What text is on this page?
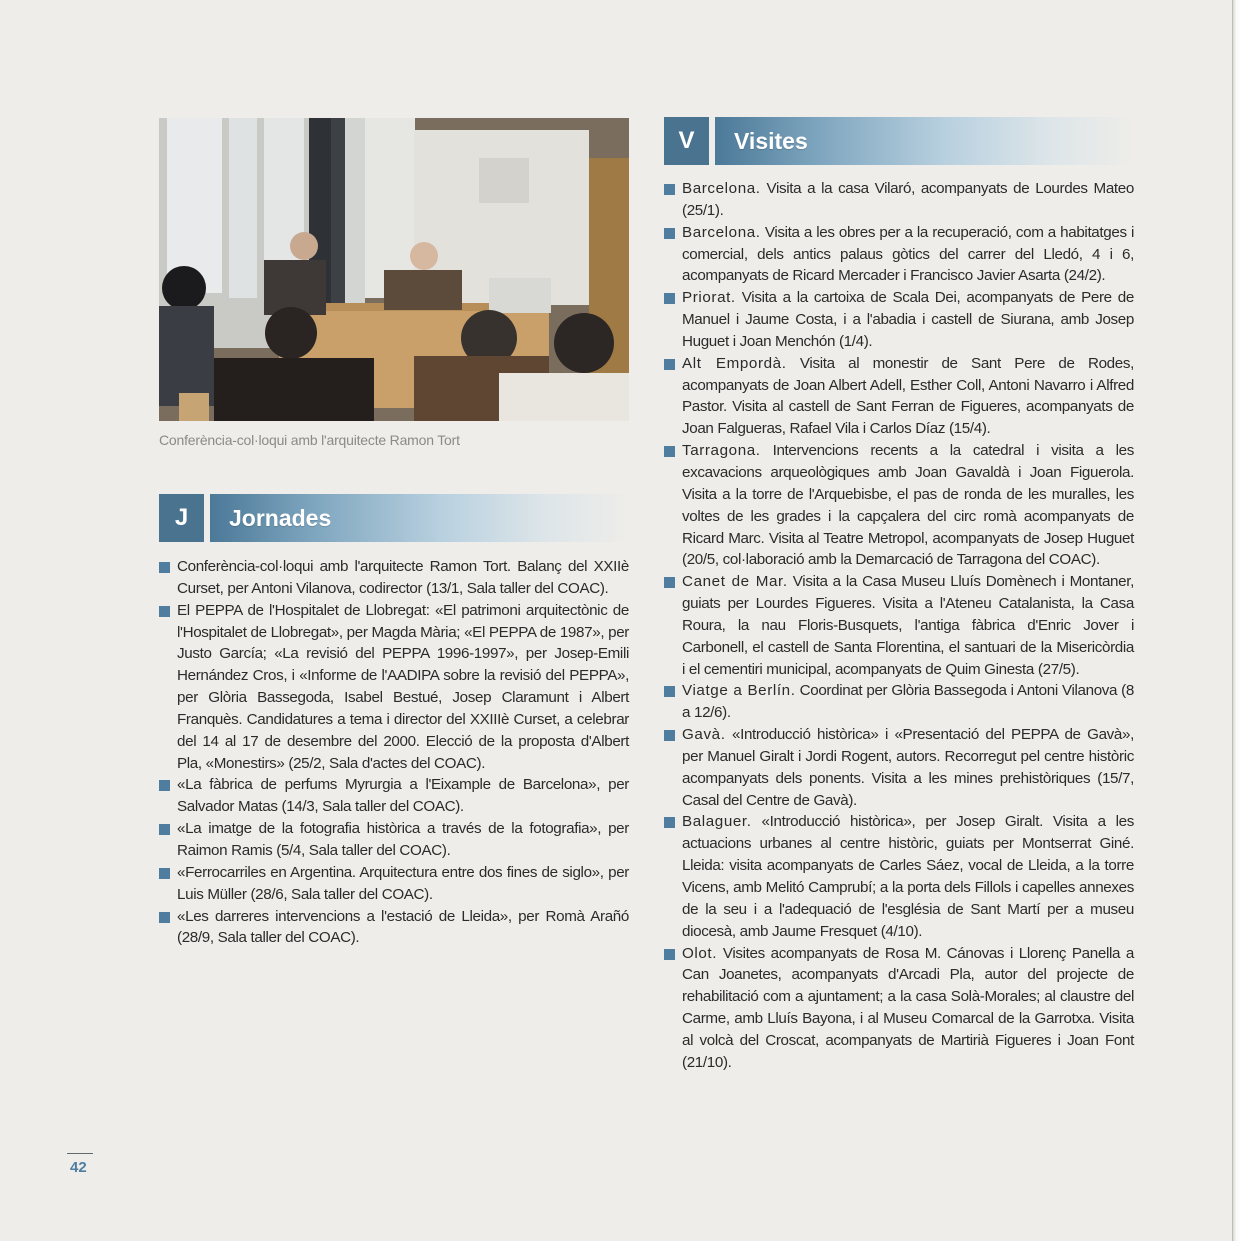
Conferència-col·loqui amb l'arquitecte Ramon Tort
J	Jornades
Conferència-col·loqui amb l'arquitecte Ramon Tort. Balanç del XXIIè Curset, per Antoni Vilanova, codirector (13/1, Sala taller del COAC).
El PEPPA de l'Hospitalet de Llobregat: «El patrimoni arquitectònic de l'Hospitalet de Llobregat», per Magda Mària; «El PEPPA de 1987», per Justo García; «La revisió del PEPPA 1996-1997», per Josep-Emili Hernández Cros, i «Informe de l'AADIPA sobre la revisió del PEPPA», per Glòria Bassegoda, Isabel Bestué, Josep Claramunt i Albert Franquès. Candidatures a tema i director del XXIIIè Curset, a celebrar del 14 al 17 de desembre del 2000. Elecció de la proposta d'Albert Pla, «Monestirs» (25/2, Sala d'actes del COAC).
«La fàbrica de perfums Myrurgia a l'Eixample de Barcelona», per Salvador Matas (14/3, Sala taller del COAC).
«La imatge de la fotografia històrica a través de la fotografia», per Raimon Ramis (5/4, Sala taller del COAC).
«Ferrocarriles en Argentina. Arquitectura entre dos fines de siglo», per Luis Müller (28/6, Sala taller del COAC).
«Les darreres intervencions a l'estació de Lleida», per Romà Arañó (28/9, Sala taller del COAC).
V	Visites
Barcelona. Visita a la casa Vilaró, acompanyats de Lourdes Mateo (25/1).
Barcelona. Visita a les obres per a la recuperació, com a habitatges i comercial, dels antics palaus gòtics del carrer del Lledó, 4 i 6, acompanyats de Ricard Mercader i Francisco Javier Asarta (24/2).
Priorat. Visita a la cartoixa de Scala Dei, acompanyats de Pere de Manuel i Jaume Costa, i a l'abadia i castell de Siurana, amb Josep Huguet i Joan Menchón (1/4).
Alt Empordà. Visita al monestir de Sant Pere de Rodes, acompanyats de Joan Albert Adell, Esther Coll, Antoni Navarro i Alfred Pastor. Visita al castell de Sant Ferran de Figueres, acompanyats de Joan Falgueras, Rafael Vila i Carlos Díaz (15/4).
Tarragona. Intervencions recents a la catedral i visita a les excavacions arqueològiques amb Joan Gavaldà i Joan Figuerola. Visita a la torre de l'Arquebisbe, el pas de ronda de les muralles, les voltes de les grades i la capçalera del circ romà acompanyats de Ricard Marc. Visita al Teatre Metropol, acompanyats de Josep Huguet (20/5, col·laboració amb la Demarcació de Tarragona del COAC).
Canet de Mar. Visita a la Casa Museu Lluís Domènech i Montaner, guiats per Lourdes Figueres. Visita a l'Ateneu Catalanista, la Casa Roura, la nau Floris-Busquets, l'antiga fàbrica d'Enric Jover i Carbonell, el castell de Santa Florentina, el santuari de la Misericòrdia i el cementiri municipal, acompanyats de Quim Ginesta (27/5).
Viatge a Berlín. Coordinat per Glòria Bassegoda i Antoni Vilanova (8 a 12/6).
Gavà. «Introducció històrica» i «Presentació del PEPPA de Gavà», per Manuel Giralt i Jordi Rogent, autors. Recorregut pel centre històric acompanyats dels ponents. Visita a les mines prehistòriques (15/7, Casal del Centre de Gavà).
Balaguer. «Introducció històrica», per Josep Giralt. Visita a les actuacions urbanes al centre històric, guiats per Montserrat Giné. Lleida: visita acompanyats de Carles Sáez, vocal de Lleida, a la torre Vicens, amb Melitó Camprubí; a la porta dels Fillols i capelles annexes de la seu i a l'adequació de l'església de Sant Martí per a museu diocesà, amb Jaume Fresquet (4/10).
Olot. Visites acompanyats de Rosa M. Cánovas i Llorenç Panella a Can Joanetes, acompanyats d'Arcadi Pla, autor del projecte de rehabilitació com a ajuntament; a la casa Solà-Morales; al claustre del Carme, amb Lluís Bayona, i al Museu Comarcal de la Garrotxa. Visita al volcà del Croscat, acompanyats de Martirià Figueres i Joan Font (21/10).
42
